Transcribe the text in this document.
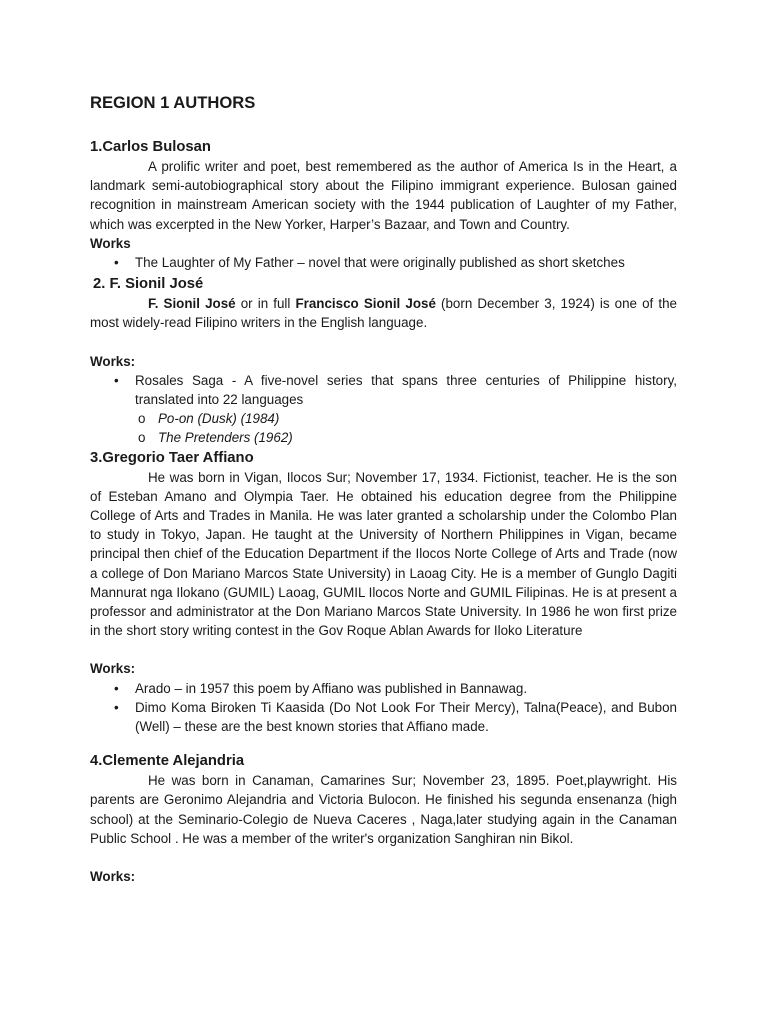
REGION 1 AUTHORS
1.Carlos Bulosan

A prolific writer and poet, best remembered as the author of America Is in the Heart, a landmark semi-autobiographical story about the Filipino immigrant experience. Bulosan gained recognition in mainstream American society with the 1944 publication of Laughter of my Father, which was excerpted in the New Yorker, Harper’s Bazaar, and Town and Country.

Works
• The Laughter of My Father – novel that were originally published as short sketches
2. F. Sionil José

F. Sionil José or in full Francisco Sionil José (born December 3, 1924) is one of the most widely-read Filipino writers in the English language.

Works:
• Rosales Saga - A five-novel series that spans three centuries of Philippine history, translated into 22 languages
o Po-on (Dusk) (1984)
o The Pretenders (1962)
3.Gregorio Taer Affiano

He was born in Vigan, Ilocos Sur; November 17, 1934. Fictionist, teacher. He is the son of Esteban Amano and Olympia Taer. He obtained his education degree from the Philippine College of Arts and Trades in Manila. He was later granted a scholarship under the Colombo Plan to study in Tokyo, Japan. He taught at the University of Northern Philippines in Vigan, became principal then chief of the Education Department if the Ilocos Norte College of Arts and Trade (now a college of Don Mariano Marcos State University) in Laoag City. He is a member of Gunglo Dagiti Mannurat nga Ilokano (GUMIL) Laoag, GUMIL Ilocos Norte and GUMIL Filipinas. He is at present a professor and administrator at the Don Mariano Marcos State University. In 1986 he won first prize in the short story writing contest in the Gov Roque Ablan Awards for Iloko Literature

Works:
• Arado – in 1957 this poem by Affiano was published in Bannawag.
• Dimo Koma Biroken Ti Kaasida (Do Not Look For Their Mercy), Talna(Peace), and Bubon (Well) – these are the best known stories that Affiano made.
4.Clemente Alejandria

He was born in Canaman, Camarines Sur; November 23, 1895. Poet,playwright. His parents are Geronimo Alejandria and Victoria Bulocon. He finished his segunda ensenanza (high school) at the Seminario-Colegio de Nueva Caceres , Naga,later studying again in the Canaman Public School . He was a member of the writer's organization Sanghiran nin Bikol.

Works:
